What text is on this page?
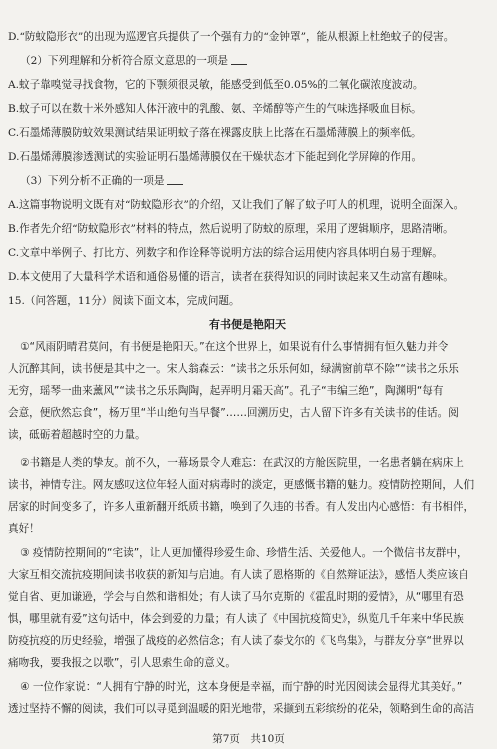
D.“防蚊隐形衣”的出现为巡逻官兵提供了一个强有力的“金钟罩”，能从根源上杜绝蚊子的侵害。
（2）下列理解和分析符合原文意思的一项是
A.蚊子靠嗅觉寻找食物，它的下颚须很灵敏，能感受到低至0.05%的二氧化碳浓度波动。
B.蚊子可以在数十米外感知人体汗液中的乳酸、氨、辛烯醇等产生的气味选择吸血目标。
C.石墨烯薄膜防蚊效果测试结果证明蚊子落在裸露皮肤上比落在石墨烯薄膜上的频率低。
D.石墨烯薄膜渗透测试的实验证明石墨烯薄膜仅在干燥状态才下能起到化学屏障的作用。
（3）下列分析不正确的一项是
A.这篇事物说明文既有对“防蚊隐形衣”的介绍，又让我们了解了蚊子叮人的机理，说明全面深入。
B.作者先介绍“防蚊隐形衣”材料的特点，然后说明了防蚊的原理，采用了逻辑顺序，思路清晰。
C.文章中举例子、打比方、列数字和作诠释等说明方法的综合运用使内容具体明白易于理解。
D.本文使用了大量科学术语和通俗易懂的语言，读者在获得知识的同时读起来又生动富有趣味。
15.（问答题，11分）阅读下面文本，完成问题。
有书便是艳阳天
①“风雨阴晴君莫问，有书便是艳阳天。”在这个世界上，如果说有什么事情拥有恒久魅力并令
人沉醉其间，读书便是其中之一。宋人翁森云：“读书之乐乐何如，绿满窗前草不除”“读书之乐乐
无穷，瑶琴一曲来薰风”“读书之乐乐陶陶，起弄明月霜天高”。孔子“韦编三绝”，陶渊明“每有
会意，便欣然忘食”，杨万里“半山绝句当早餐”……回溯历史，古人留下许多有关读书的佳话。阅
读，砥砺着超越时空的力量。
②书籍是人类的挚友。前不久，一幕场景令人难忘：在武汉的方舱医院里，一名患者躺在病床上
读书，神情专注。网友感叹这位年轻人面对病毒时的淡定，更感慨书籍的魅力。疫情防控期间，人们
居家的时间变多了，许多人重新翻开纸质书籍，唤到了久违的书香。有人发出内心感悟：有书相伴，
真好！
③ 疫情防控期间的“宅读”，让人更加懂得珍爱生命、珍惜生活、关爱他人。一个微信书友群中，
大家互相交流抗疫期间读书收获的新知与启迪。有人读了恩格斯的《自然辩证法》，感悟人类应该自
觉自省、更加谦逊，学会与自然和谐相处；有人读了马尔克斯的《霍乱时期的爱情》，从“哪里有恐
惧，哪里就有爱”这句话中，体会到爱的力量；有人读了《中国抗疫简史》，纵览几千年来中华民族
防疫抗疫的历史经验，增强了战疫的必然信念；有人读了泰戈尔的《飞鸟集》，与群友分享“世界以
痛吻我，要我报之以歌”，引人思索生命的意义。
④ 一位作家说：“人拥有宁静的时光，这本身便是幸福，而宁静的时光因阅读会显得尤其美好。”
透过坚持不懈的阅读，我们可以寻觅到温暖的阳光地带，采撷到五彩缤纷的花朵，领略到生命的高洁
第7页　共10页
